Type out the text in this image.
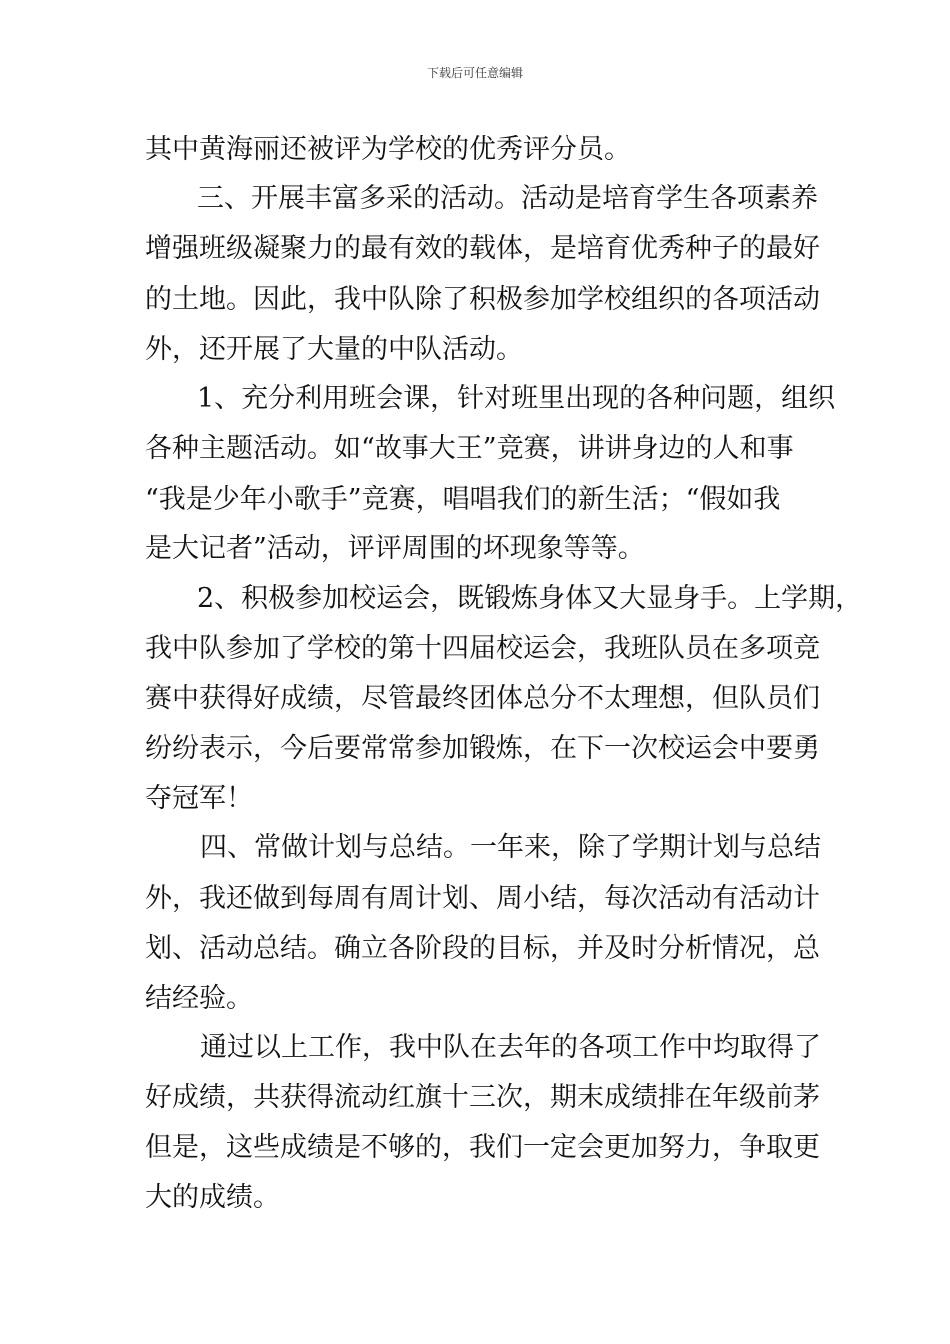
下载后可任意编辑
其中黄海丽还被评为学校的优秀评分员。
三、开展丰富多采的活动。活动是培育学生各项素养
增强班级凝聚力的最有效的载体，是培育优秀种子的最好
的土地。因此，我中队除了积极参加学校组织的各项活动
外，还开展了大量的中队活动。
1、充分利用班会课，针对班里出现的各种问题，组织
各种主题活动。如“故事大王”竞赛，讲讲身边的人和事
“我是少年小歌手”竞赛，唱唱我们的新生活；“假如我
是大记者”活动，评评周围的坏现象等等。
2、积极参加校运会，既锻炼身体又大显身手。上学期，
我中队参加了学校的第十四届校运会，我班队员在多项竞
赛中获得好成绩，尽管最终团体总分不太理想，但队员们
纷纷表示，今后要常常参加锻炼，在下一次校运会中要勇
夺冠军！
四、常做计划与总结。一年来，除了学期计划与总结
外，我还做到每周有周计划、周小结，每次活动有活动计
划、活动总结。确立各阶段的目标，并及时分析情况，总
结经验。
通过以上工作，我中队在去年的各项工作中均取得了
好成绩，共获得流动红旗十三次，期末成绩排在年级前茅
但是，这些成绩是不够的，我们一定会更加努力，争取更
大的成绩。
